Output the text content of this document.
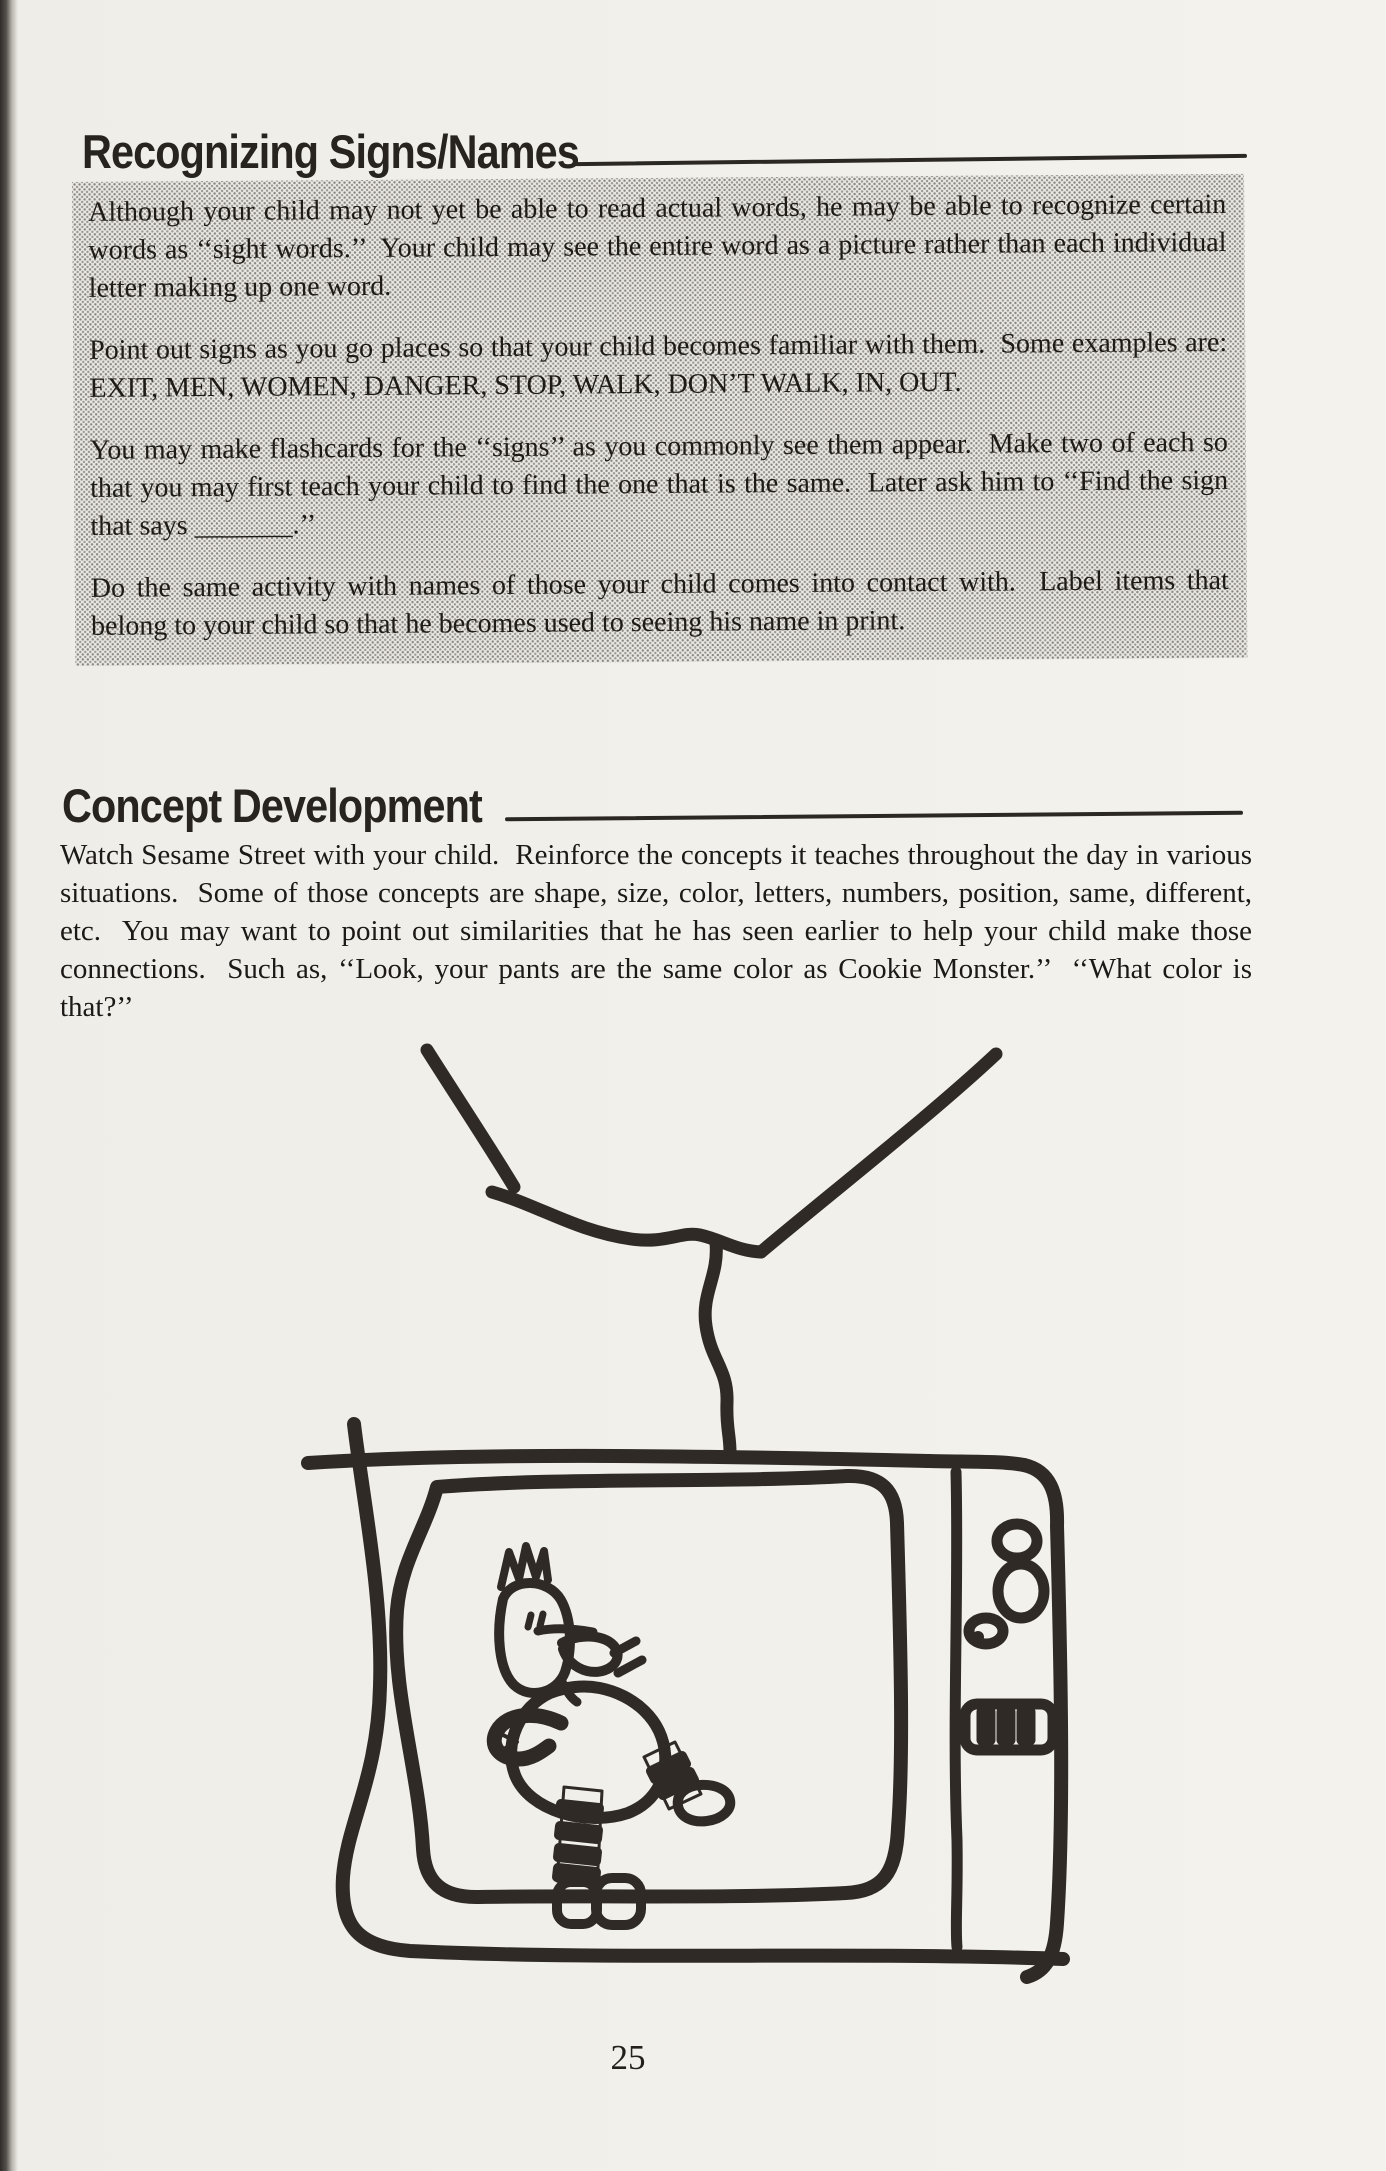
Recognizing Signs/Names

Although your child may not yet be able to read actual words, he may be able to recognize certain words as ‘‘sight words.’’  Your child may see the entire word as a picture rather than each individual letter making up one word.

Point out signs as you go places so that your child becomes familiar with them.  Some examples are:  EXIT, MEN, WOMEN, DANGER, STOP, WALK, DON’T WALK, IN, OUT.

You may make flashcards for the ‘‘signs’’ as you commonly see them appear.  Make two of each so that you may first teach your child to find the one that is the same.  Later ask him to ‘‘Find the sign that says _______.’’

Do the same activity with names of those your child comes into contact with.  Label items that belong to your child so that he becomes used to seeing his name in print.

Concept Development

Watch Sesame Street with your child.  Reinforce the concepts it teaches throughout the day in various situations.  Some of those concepts are shape, size, color, letters, numbers, position, same, different, etc.  You may want to point out similarities that he has seen earlier to help your child make those connections.  Such as, ‘‘Look, your pants are the same color as Cookie Monster.’’  ‘‘What color is that?’’

25
